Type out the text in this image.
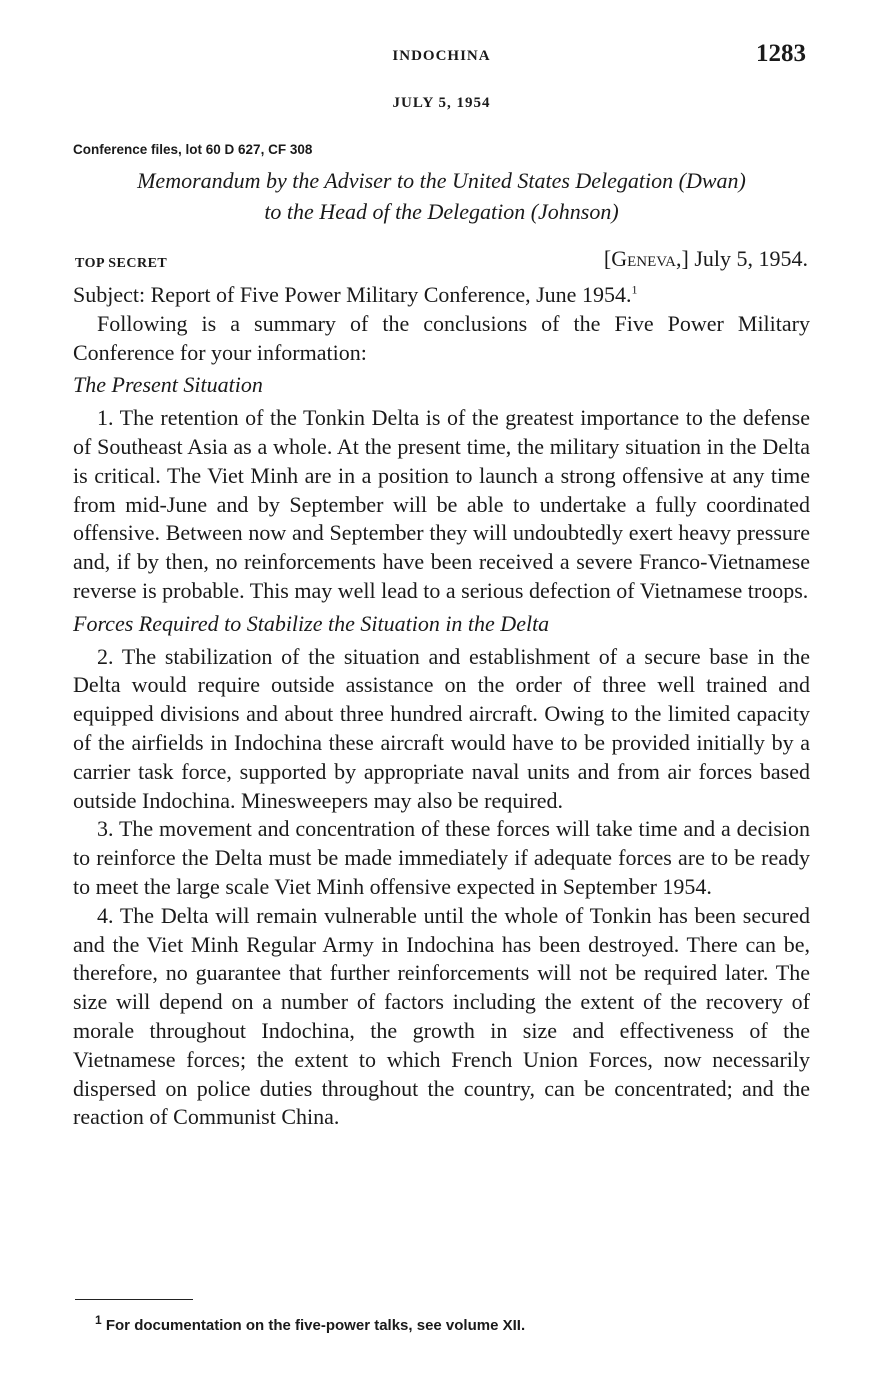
INDOCHINA	1283
JULY 5, 1954
Conference files, lot 60 D 627, CF 308
Memorandum by the Adviser to the United States Delegation (Dwan)
to the Head of the Delegation (Johnson)
TOP SECRET	[Geneva,] July 5, 1954.

Subject: Report of Five Power Military Conference, June 1954.$^1$

Following is a summary of the conclusions of the Five Power Military Conference for your information:

The Present Situation

1. The retention of the Tonkin Delta is of the greatest importance to the defense of Southeast Asia as a whole. At the present time, the military situation in the Delta is critical. The Viet Minh are in a position to launch a strong offensive at any time from mid-June and by September will be able to undertake a fully coordinated offensive. Between now and September they will undoubtedly exert heavy pressure and, if by then, no reinforcements have been received a severe Franco-Vietnamese reverse is probable. This may well lead to a serious defection of Vietnamese troops.

Forces Required to Stabilize the Situation in the Delta

2. The stabilization of the situation and establishment of a secure base in the Delta would require outside assistance on the order of three well trained and equipped divisions and about three hundred aircraft. Owing to the limited capacity of the airfields in Indochina these aircraft would have to be provided initially by a carrier task force, supported by appropriate naval units and from air forces based outside Indochina. Minesweepers may also be required.

3. The movement and concentration of these forces will take time and a decision to reinforce the Delta must be made immediately if adequate forces are to be ready to meet the large scale Viet Minh offensive expected in September 1954.

4. The Delta will remain vulnerable until the whole of Tonkin has been secured and the Viet Minh Regular Army in Indochina has been destroyed. There can be, therefore, no guarantee that further reinforcements will not be required later. The size will depend on a number of factors including the extent of the recovery of morale throughout Indochina, the growth in size and effectiveness of the Vietnamese forces; the extent to which French Union Forces, now necessarily dispersed on police duties throughout the country, can be concentrated; and the reaction of Communist China.

$^1$ For documentation on the five-power talks, see volume XII.
